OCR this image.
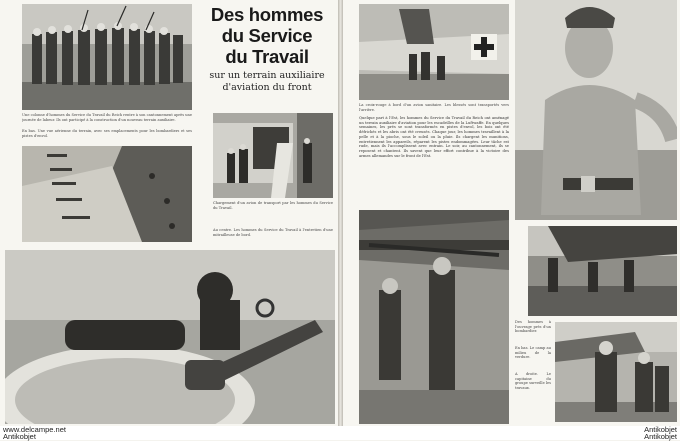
Des hommes
du Service
du Travail
sur un terrain auxiliaire d'aviation du front
Une colonne d'hommes du Service du Travail du Reich rentre à son cantonnement après une journée de labeur. Ils ont participé à la construction d'un nouveau terrain auxiliaire.
En bas. Une vue aérienne du terrain, avec ses emplacements pour les bombardiers et ses pistes d'envol.
Chargement d'un avion de transport par les hommes du Service du Travail.
Au centre. Les hommes du Service du Travail à l'entretien d'une mitrailleuse de bord.
La croix-rouge à bord d'un avion sanitaire. Les blessés sont transportés vers l'arrière.
Quelque part à l'Est, les hommes du Service du Travail du Reich ont aménagé un terrain auxiliaire d'aviation pour les escadrilles de la Luftwaffe. En quelques semaines, les prés se sont transformés en pistes d'envol, les bois ont été défrichés et les abris ont été creusés. Chaque jour, les hommes travaillent à la pelle et à la pioche, sous le soleil ou la pluie. Ils chargent les munitions, entretiennent les appareils, réparent les pistes endommagées. Leur tâche est rude, mais ils l'accomplissent avec entrain. Le soir, au cantonnement, ils se reposent et chantent. Ils savent que leur effort contribue à la victoire des armes allemandes sur le front de l'Est.
Des hommes à l'ouvrage près d'un bombardier.
En bas. Le camp au milieu de la verdure.
A droite. Le capitaine du groupe surveille les travaux.
www.delcampe.net
Antikobjet
Antikobjet
Antikobjet
